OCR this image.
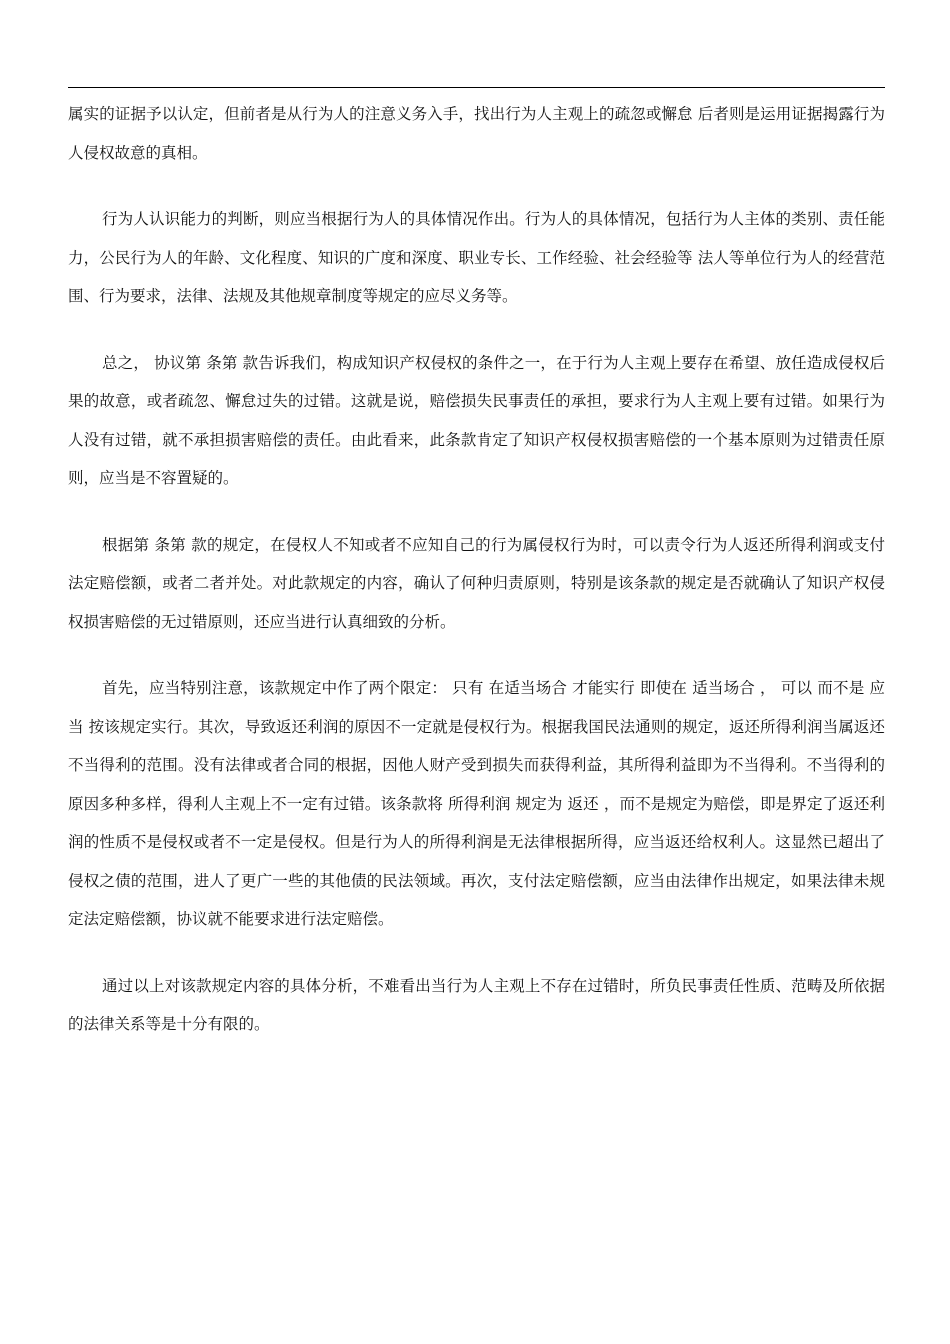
属实的证据予以认定，但前者是从行为人的注意义务入手，找出行为人主观上的疏忽或懈怠 后者则是运用证据揭露行为人侵权故意的真相。

行为人认识能力的判断，则应当根据行为人的具体情况作出。行为人的具体情况，包括行为人主体的类别、责任能力，公民行为人的年龄、文化程度、知识的广度和深度、职业专长、工作经验、社会经验等 法人等单位行为人的经营范围、行为要求，法律、法规及其他规章制度等规定的应尽义务等。

总之， 协议第 条第 款告诉我们，构成知识产权侵权的条件之一，在于行为人主观上要存在希望、放任造成侵权后果的故意，或者疏忽、懈怠过失的过错。这就是说，赔偿损失民事责任的承担，要求行为人主观上要有过错。如果行为人没有过错，就不承担损害赔偿的责任。由此看来，此条款肯定了知识产权侵权损害赔偿的一个基本原则为过错责任原则，应当是不容置疑的。

根据第 条第 款的规定，在侵权人不知或者不应知自己的行为属侵权行为时，可以责令行为人返还所得利润或支付法定赔偿额，或者二者并处。对此款规定的内容，确认了何种归责原则，特别是该条款的规定是否就确认了知识产权侵权损害赔偿的无过错原则，还应当进行认真细致的分析。

首先，应当特别注意，该款规定中作了两个限定： 只有 在适当场合 才能实行 即使在 适当场合 ， 可以 而不是 应当 按该规定实行。其次，导致返还利润的原因不一定就是侵权行为。根据我国民法通则的规定，返还所得利润当属返还不当得利的范围。没有法律或者合同的根据，因他人财产受到损失而获得利益，其所得利益即为不当得利。不当得利的原因多种多样，得利人主观上不一定有过错。该条款将 所得利润 规定为 返还 ，而不是规定为赔偿，即是界定了返还利润的性质不是侵权或者不一定是侵权。但是行为人的所得利润是无法律根据所得，应当返还给权利人。这显然已超出了侵权之债的范围，进人了更广一些的其他债的民法领域。再次，支付法定赔偿额，应当由法律作出规定，如果法律未规定法定赔偿额，协议就不能要求进行法定赔偿。

通过以上对该款规定内容的具体分析，不难看出当行为人主观上不存在过错时，所负民事责任性质、范畴及所依据的法律关系等是十分有限的。
